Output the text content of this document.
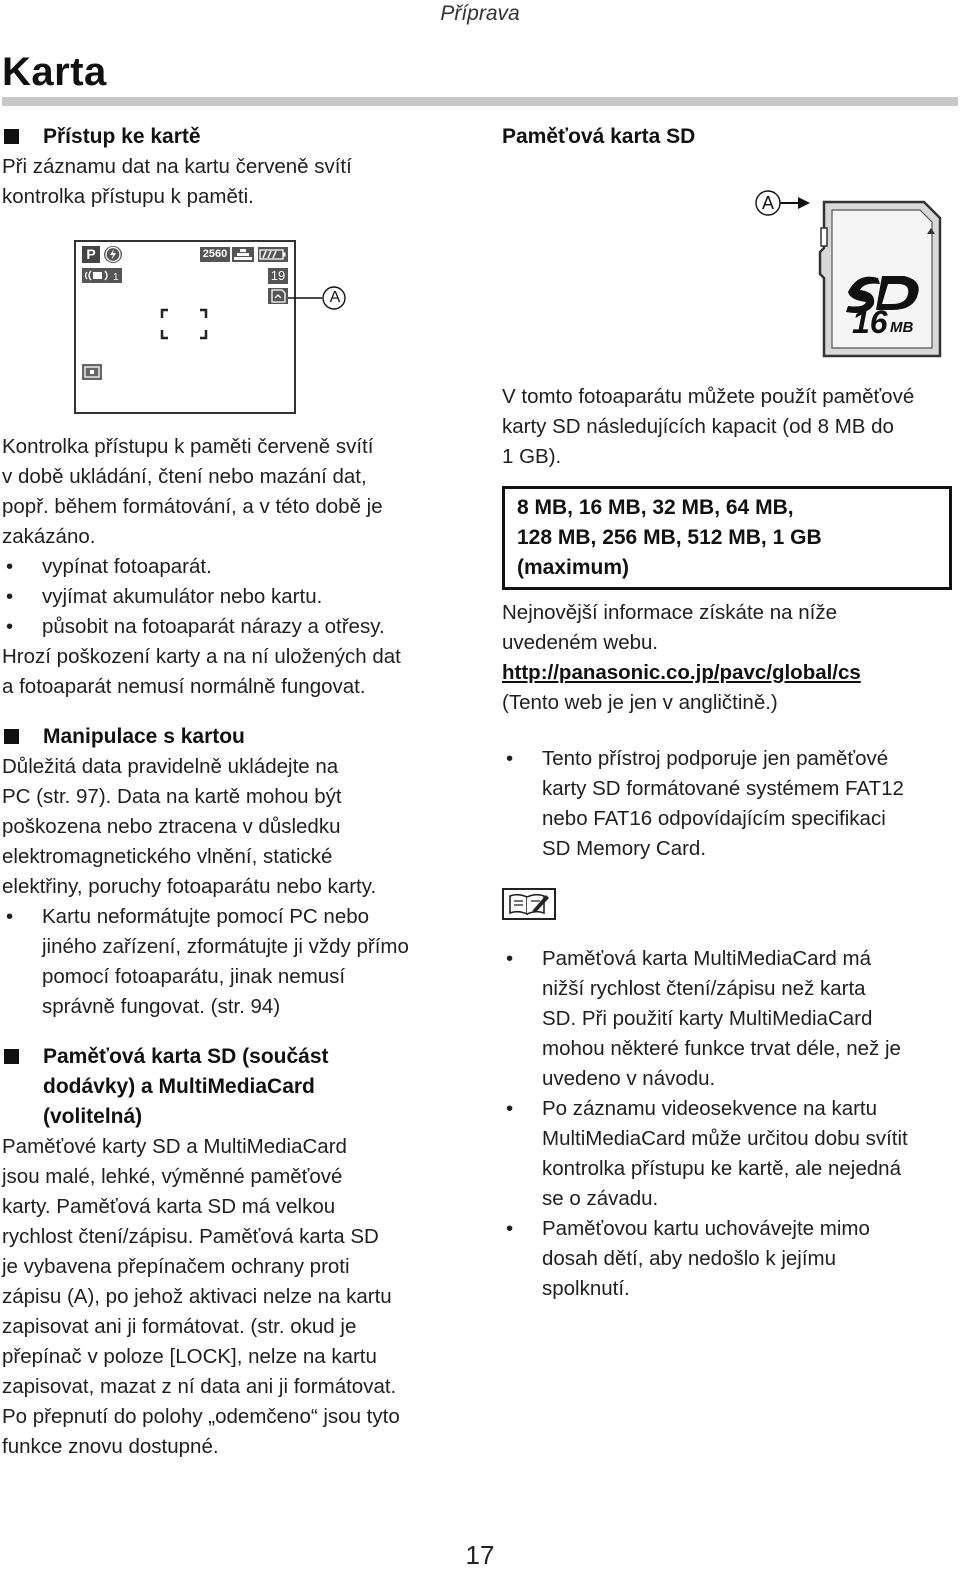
Příprava
Karta
Přístup ke kartě
Při záznamu dat na kartu červeně svítí
kontrolka přístupu k paměti.
P
1
2560
19
A
Kontrolka přístupu k paměti červeně svítí
v době ukládání, čtení nebo mazání dat,
popř. během formátování, a v této době je
zakázáno.
• vypínat fotoaparát.
• vyjímat akumulátor nebo kartu.
• působit na fotoaparát nárazy a otřesy.
Hrozí poškození karty a na ní uložených dat
a fotoaparát nemusí normálně fungovat.
Manipulace s kartou
Důležitá data pravidelně ukládejte na
PC (str. 97). Data na kartě mohou být
poškozena nebo ztracena v důsledku
elektromagnetického vlnění, statické
elektřiny, poruchy fotoaparátu nebo karty.
• Kartu neformátujte pomocí PC nebo
jiného zařízení, zformátujte ji vždy přímo
pomocí fotoaparátu, jinak nemusí
správně fungovat. (str. 94)
Paměťová karta SD (součást
dodávky) a MultiMediaCard
(volitelná)
Paměťové karty SD a MultiMediaCard
jsou malé, lehké, výměnné paměťové
karty. Paměťová karta SD má velkou
rychlost čtení/zápisu. Paměťová karta SD
je vybavena přepínačem ochrany proti
zápisu (A), po jehož aktivaci nelze na kartu
zapisovat ani ji formátovat. (str. okud je
přepínač v poloze [LOCK], nelze na kartu
zapisovat, mazat z ní data ani ji formátovat.
Po přepnutí do polohy „odemčeno“ jsou tyto
funkce znovu dostupné.
Paměťová karta SD
A
.
16 MB
V tomto fotoaparátu můžete použít paměťové
karty SD následujících kapacit (od 8 MB do
1 GB).
8 MB, 16 MB, 32 MB, 64 MB,
128 MB, 256 MB, 512 MB, 1 GB
(maximum)
Nejnovější informace získáte na níže
uvedeném webu.
http://panasonic.co.jp/pavc/global/cs
(Tento web je jen v angličtině.)
• Tento přístroj podporuje jen paměťové
karty SD formátované systémem FAT12
nebo FAT16 odpovídajícím specifikaci
SD Memory Card.
• Paměťová karta MultiMediaCard má
nižší rychlost čtení/zápisu než karta
SD. Při použití karty MultiMediaCard
mohou některé funkce trvat déle, než je
uvedeno v návodu.
• Po záznamu videosekvence na kartu
MultiMediaCard může určitou dobu svítit
kontrolka přístupu ke kartě, ale nejedná
se o závadu.
• Paměťovou kartu uchovávejte mimo
dosah dětí, aby nedošlo k jejímu
spolknutí.
17
